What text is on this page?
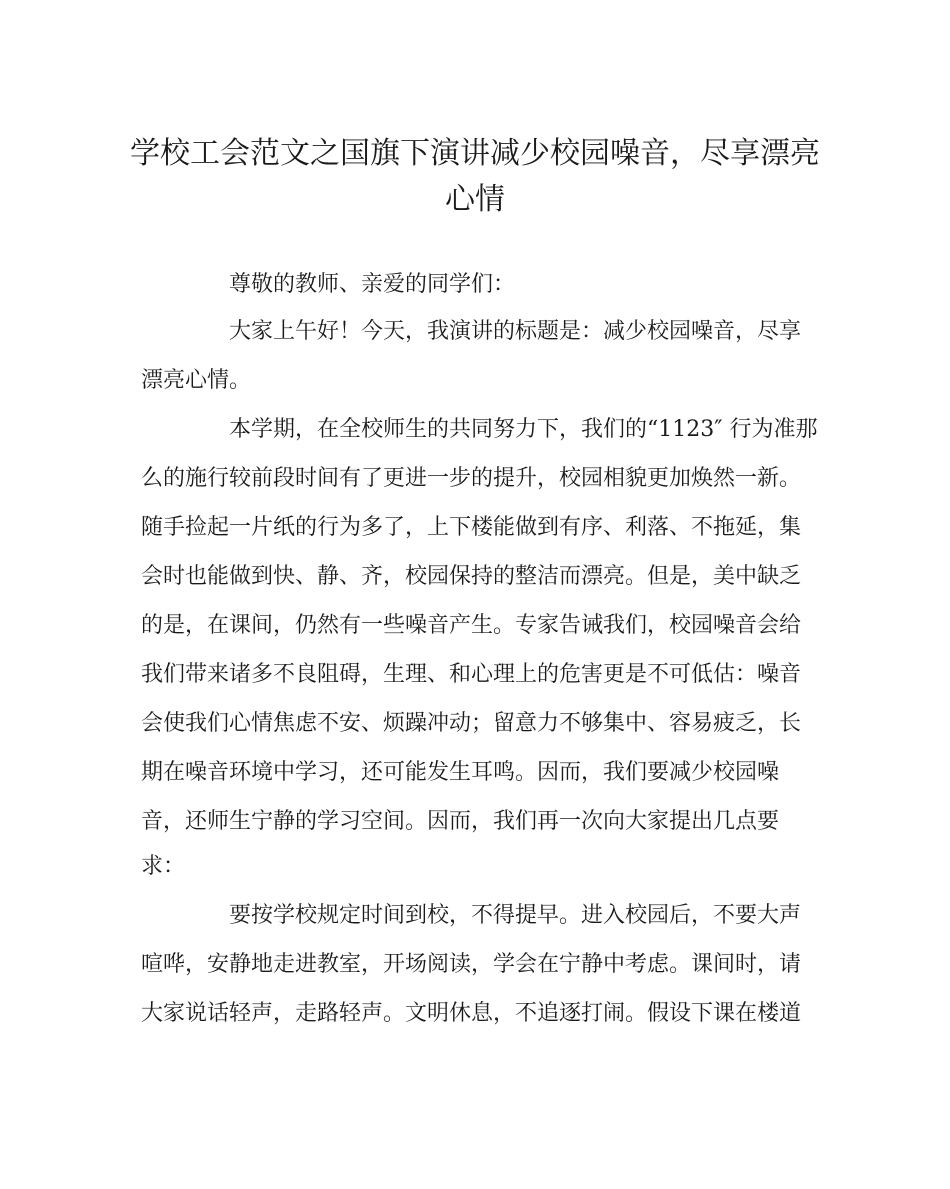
学校工会范文之国旗下演讲减少校园噪音，尽享漂亮
心情
尊敬的教师、亲爱的同学们：
大家上午好！今天，我演讲的标题是：减少校园噪音，尽享
漂亮心情。
本学期，在全校师生的共同努力下，我们的“1123″ 行为准那
么的施行较前段时间有了更进一步的提升，校园相貌更加焕然一新。
随手捡起一片纸的行为多了，上下楼能做到有序、利落、不拖延，集
会时也能做到快、静、齐，校园保持的整洁而漂亮。但是，美中缺乏
的是，在课间，仍然有一些噪音产生。专家告诫我们，校园噪音会给
我们带来诸多不良阻碍，生理、和心理上的危害更是不可低估：噪音
会使我们心情焦虑不安、烦躁冲动；留意力不够集中、容易疲乏，长
期在噪音环境中学习，还可能发生耳鸣。因而，我们要减少校园噪
音，还师生宁静的学习空间。因而，我们再一次向大家提出几点要
求：
要按学校规定时间到校，不得提早。进入校园后，不要大声
喧哗，安静地走进教室，开场阅读，学会在宁静中考虑。课间时，请
大家说话轻声，走路轻声。文明休息，不追逐打闹。假设下课在楼道
